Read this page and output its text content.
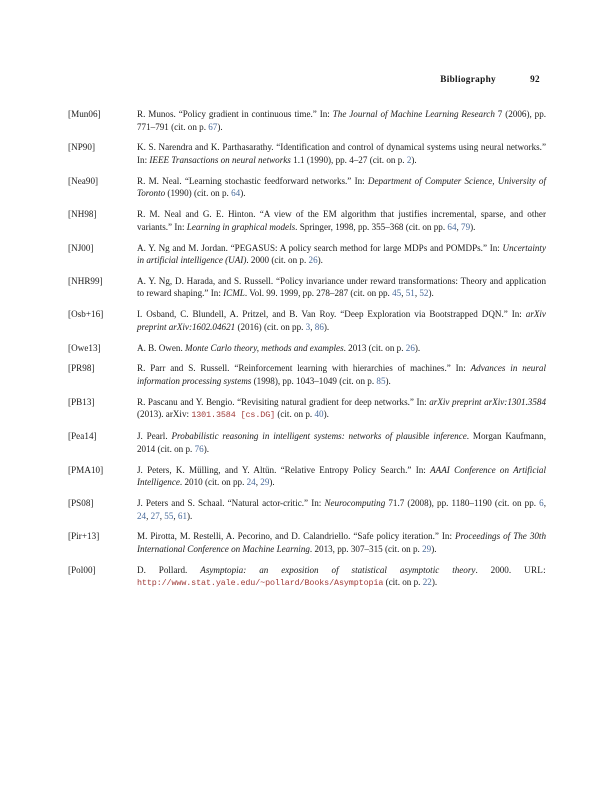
Bibliography	92
[Mun06]	R. Munos. “Policy gradient in continuous time.” In: The Journal of Machine Learning Research 7 (2006), pp. 771–791 (cit. on p. 67).
[NP90]	K. S. Narendra and K. Parthasarathy. “Identification and control of dynamical systems using neural networks.” In: IEEE Transactions on neural networks 1.1 (1990), pp. 4–27 (cit. on p. 2).
[Nea90]	R. M. Neal. “Learning stochastic feedforward networks.” In: Department of Computer Science, University of Toronto (1990) (cit. on p. 64).
[NH98]	R. M. Neal and G. E. Hinton. “A view of the EM algorithm that justifies incremental, sparse, and other variants.” In: Learning in graphical models. Springer, 1998, pp. 355–368 (cit. on pp. 64, 79).
[NJ00]	A. Y. Ng and M. Jordan. “PEGASUS: A policy search method for large MDPs and POMDPs.” In: Uncertainty in artificial intelligence (UAI). 2000 (cit. on p. 26).
[NHR99]	A. Y. Ng, D. Harada, and S. Russell. “Policy invariance under reward transformations: Theory and application to reward shaping.” In: ICML. Vol. 99. 1999, pp. 278–287 (cit. on pp. 45, 51, 52).
[Osb+16]	I. Osband, C. Blundell, A. Pritzel, and B. Van Roy. “Deep Exploration via Bootstrapped DQN.” In: arXiv preprint arXiv:1602.04621 (2016) (cit. on pp. 3, 86).
[Owe13]	A. B. Owen. Monte Carlo theory, methods and examples. 2013 (cit. on p. 26).
[PR98]	R. Parr and S. Russell. “Reinforcement learning with hierarchies of machines.” In: Advances in neural information processing systems (1998), pp. 1043–1049 (cit. on p. 85).
[PB13]	R. Pascanu and Y. Bengio. “Revisiting natural gradient for deep networks.” In: arXiv preprint arXiv:1301.3584 (2013). arXiv: 1301.3584 [cs.DG] (cit. on p. 40).
[Pea14]	J. Pearl. Probabilistic reasoning in intelligent systems: networks of plausible inference. Morgan Kaufmann, 2014 (cit. on p. 76).
[PMA10]	J. Peters, K. Mülling, and Y. Altün. “Relative Entropy Policy Search.” In: AAAI Conference on Artificial Intelligence. 2010 (cit. on pp. 24, 29).
[PS08]	J. Peters and S. Schaal. “Natural actor-critic.” In: Neurocomputing 71.7 (2008), pp. 1180–1190 (cit. on pp. 6, 24, 27, 55, 61).
[Pir+13]	M. Pirotta, M. Restelli, A. Pecorino, and D. Calandriello. “Safe policy iteration.” In: Proceedings of The 30th International Conference on Machine Learning. 2013, pp. 307–315 (cit. on p. 29).
[Pol00]	D. Pollard. Asymptopia: an exposition of statistical asymptotic theory. 2000. URL: http://www.stat.yale.edu/~pollard/Books/Asymptopia (cit. on p. 22).
